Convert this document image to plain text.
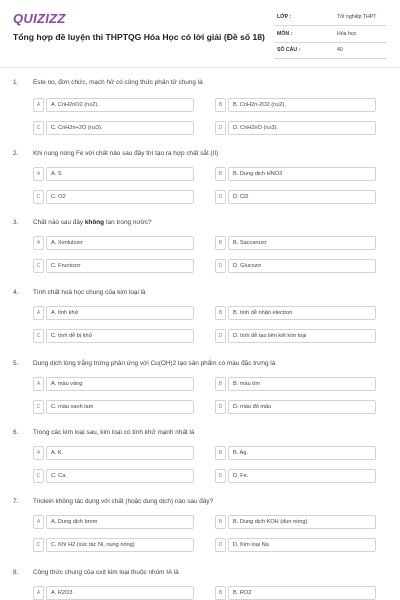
QUIZIZZ
Tổng hợp đề luyện thi THPTQG Hóa Học có lời giải (Đề số 18)
LỚP :	Tốt nghiệp THPT
MÔN :	Hóa học
SỐ CÂU :	40
1. Este no, đơn chức, mạch hở có công thức phân tử chung là
A	A. CnH2nO2 (n≥2).	B	B. CnH2n-2O2 (n≥2).
C	C. CnH2n+2O (n≥3).	D	D. CnH2nO (n≥3).
2. Khi nung nóng Fe với chất nào sau đây thì tạo ra hợp chất sắt (II)
A	A. S	B	B. Dung dịch HNO3
C	C. O2	D	D. Cl2
3. Chất nào sau đây không tan trong nước?
A	A. Xenlulozơ	B	B. Saccarozơ
C	C. Fructozơ	D	D. Glucozơ
4. Tính chất hoá học chung của kim loại là
A	A. tính khử	B	B. tính dễ nhận electron
C	C. tính dễ bị khử	D	D. tính dễ tạo liên kết kim loại
5. Dung dịch lòng trắng trứng phản ứng với Cu(OH)2 tạo sản phẩm có màu đặc trưng là
A	A. màu vàng	B	B. màu tím
C	C. màu xanh lam	D	D. màu đỏ máu
6. Trong các kim loại sau, kim loại có tính khử mạnh nhất là
A	A. K.	B	B. Ag.
C	C. Ca.	D	D. Fe.
7. Triolein không tác dụng với chất (hoặc dung dịch) nào sau đây?
A	A. Dung dịch brom	B	B. Dung dịch KOH (đun nóng)
C	C. Khí H2 (xúc tác Ni, nung nóng)	D	D. Kim loại Na
8. Công thức chung của oxit kim loại thuộc nhóm IA là
A	A. R2O3	B	B. RO2
